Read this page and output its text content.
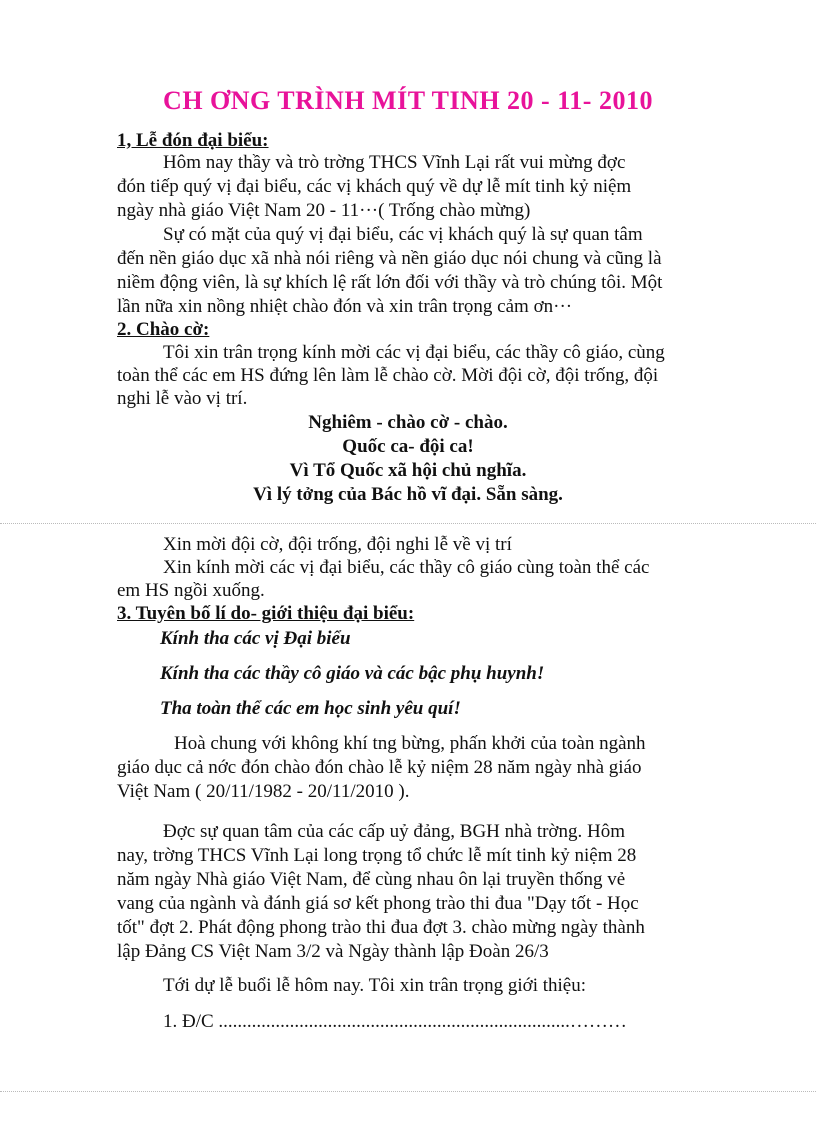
CH ƠNG TRÌNH MÍT TINH 20 - 11- 2010
1, Lễ đón đại biểu:
Hôm nay thầy và trò trờng THCS Vĩnh Lại rất vui mừng đợc
đón tiếp quý vị đại biểu, các vị khách quý về dự lễ mít tinh kỷ niệm
ngày nhà giáo Việt Nam 20 - 11···( Trống chào mừng)
Sự có mặt của quý vị đại biểu, các vị khách quý là sự quan tâm
đến nền giáo dục xã nhà nói riêng và nền giáo dục nói chung và cũng là
niềm động viên, là sự khích lệ rất lớn đối với thầy và trò chúng tôi. Một
lần nữa xin nồng nhiệt chào đón và xin trân trọng cảm ơn···
2. Chào cờ:
Tôi xin trân trọng kính mời các vị đại biểu, các thầy cô giáo, cùng
toàn thể các em HS đứng lên làm lễ chào cờ. Mời đội cờ, đội trống, đội
nghi lễ vào vị trí.
Nghiêm - chào cờ - chào.
Quốc ca- đội ca!
Vì Tổ Quốc xã hội chủ nghĩa.
Vì lý tởng của Bác hồ vĩ đại. Sẵn sàng.
Xin mời đội cờ, đội trống, đội nghi lễ về vị trí
Xin kính mời các vị đại biểu, các thầy cô giáo cùng toàn thể các
em HS ngồi xuống.
3. Tuyên bố lí do- giới thiệu đại biểu:
Kính tha các vị Đại biểu
Kính tha các thầy cô giáo và các bậc phụ huynh!
Tha toàn thể các em học sinh yêu quí!
Hoà chung với không khí tng bừng, phấn khởi của toàn ngành
giáo dục cả nớc đón chào đón chào lễ kỷ niệm 28 năm ngày nhà giáo
Việt Nam ( 20/11/1982 - 20/11/2010 ).
Đợc sự quan tâm của các cấp uỷ đảng, BGH nhà trờng. Hôm
nay, trờng THCS Vĩnh Lại long trọng tổ chức lễ mít tinh kỷ niệm 28
năm ngày Nhà giáo Việt Nam, để cùng nhau ôn lại truyền thống vẻ
vang của ngành và đánh giá sơ kết phong trào thi đua "Dạy tốt - Học
tốt" đợt 2. Phát động phong trào thi đua đợt 3. chào mừng ngày thành
lập Đảng CS Việt Nam 3/2 và Ngày thành lập Đoàn 26/3
Tới dự lễ buổi lễ hôm nay. Tôi xin trân trọng giới thiệu:
1. Đ/C ..........................................................................………
